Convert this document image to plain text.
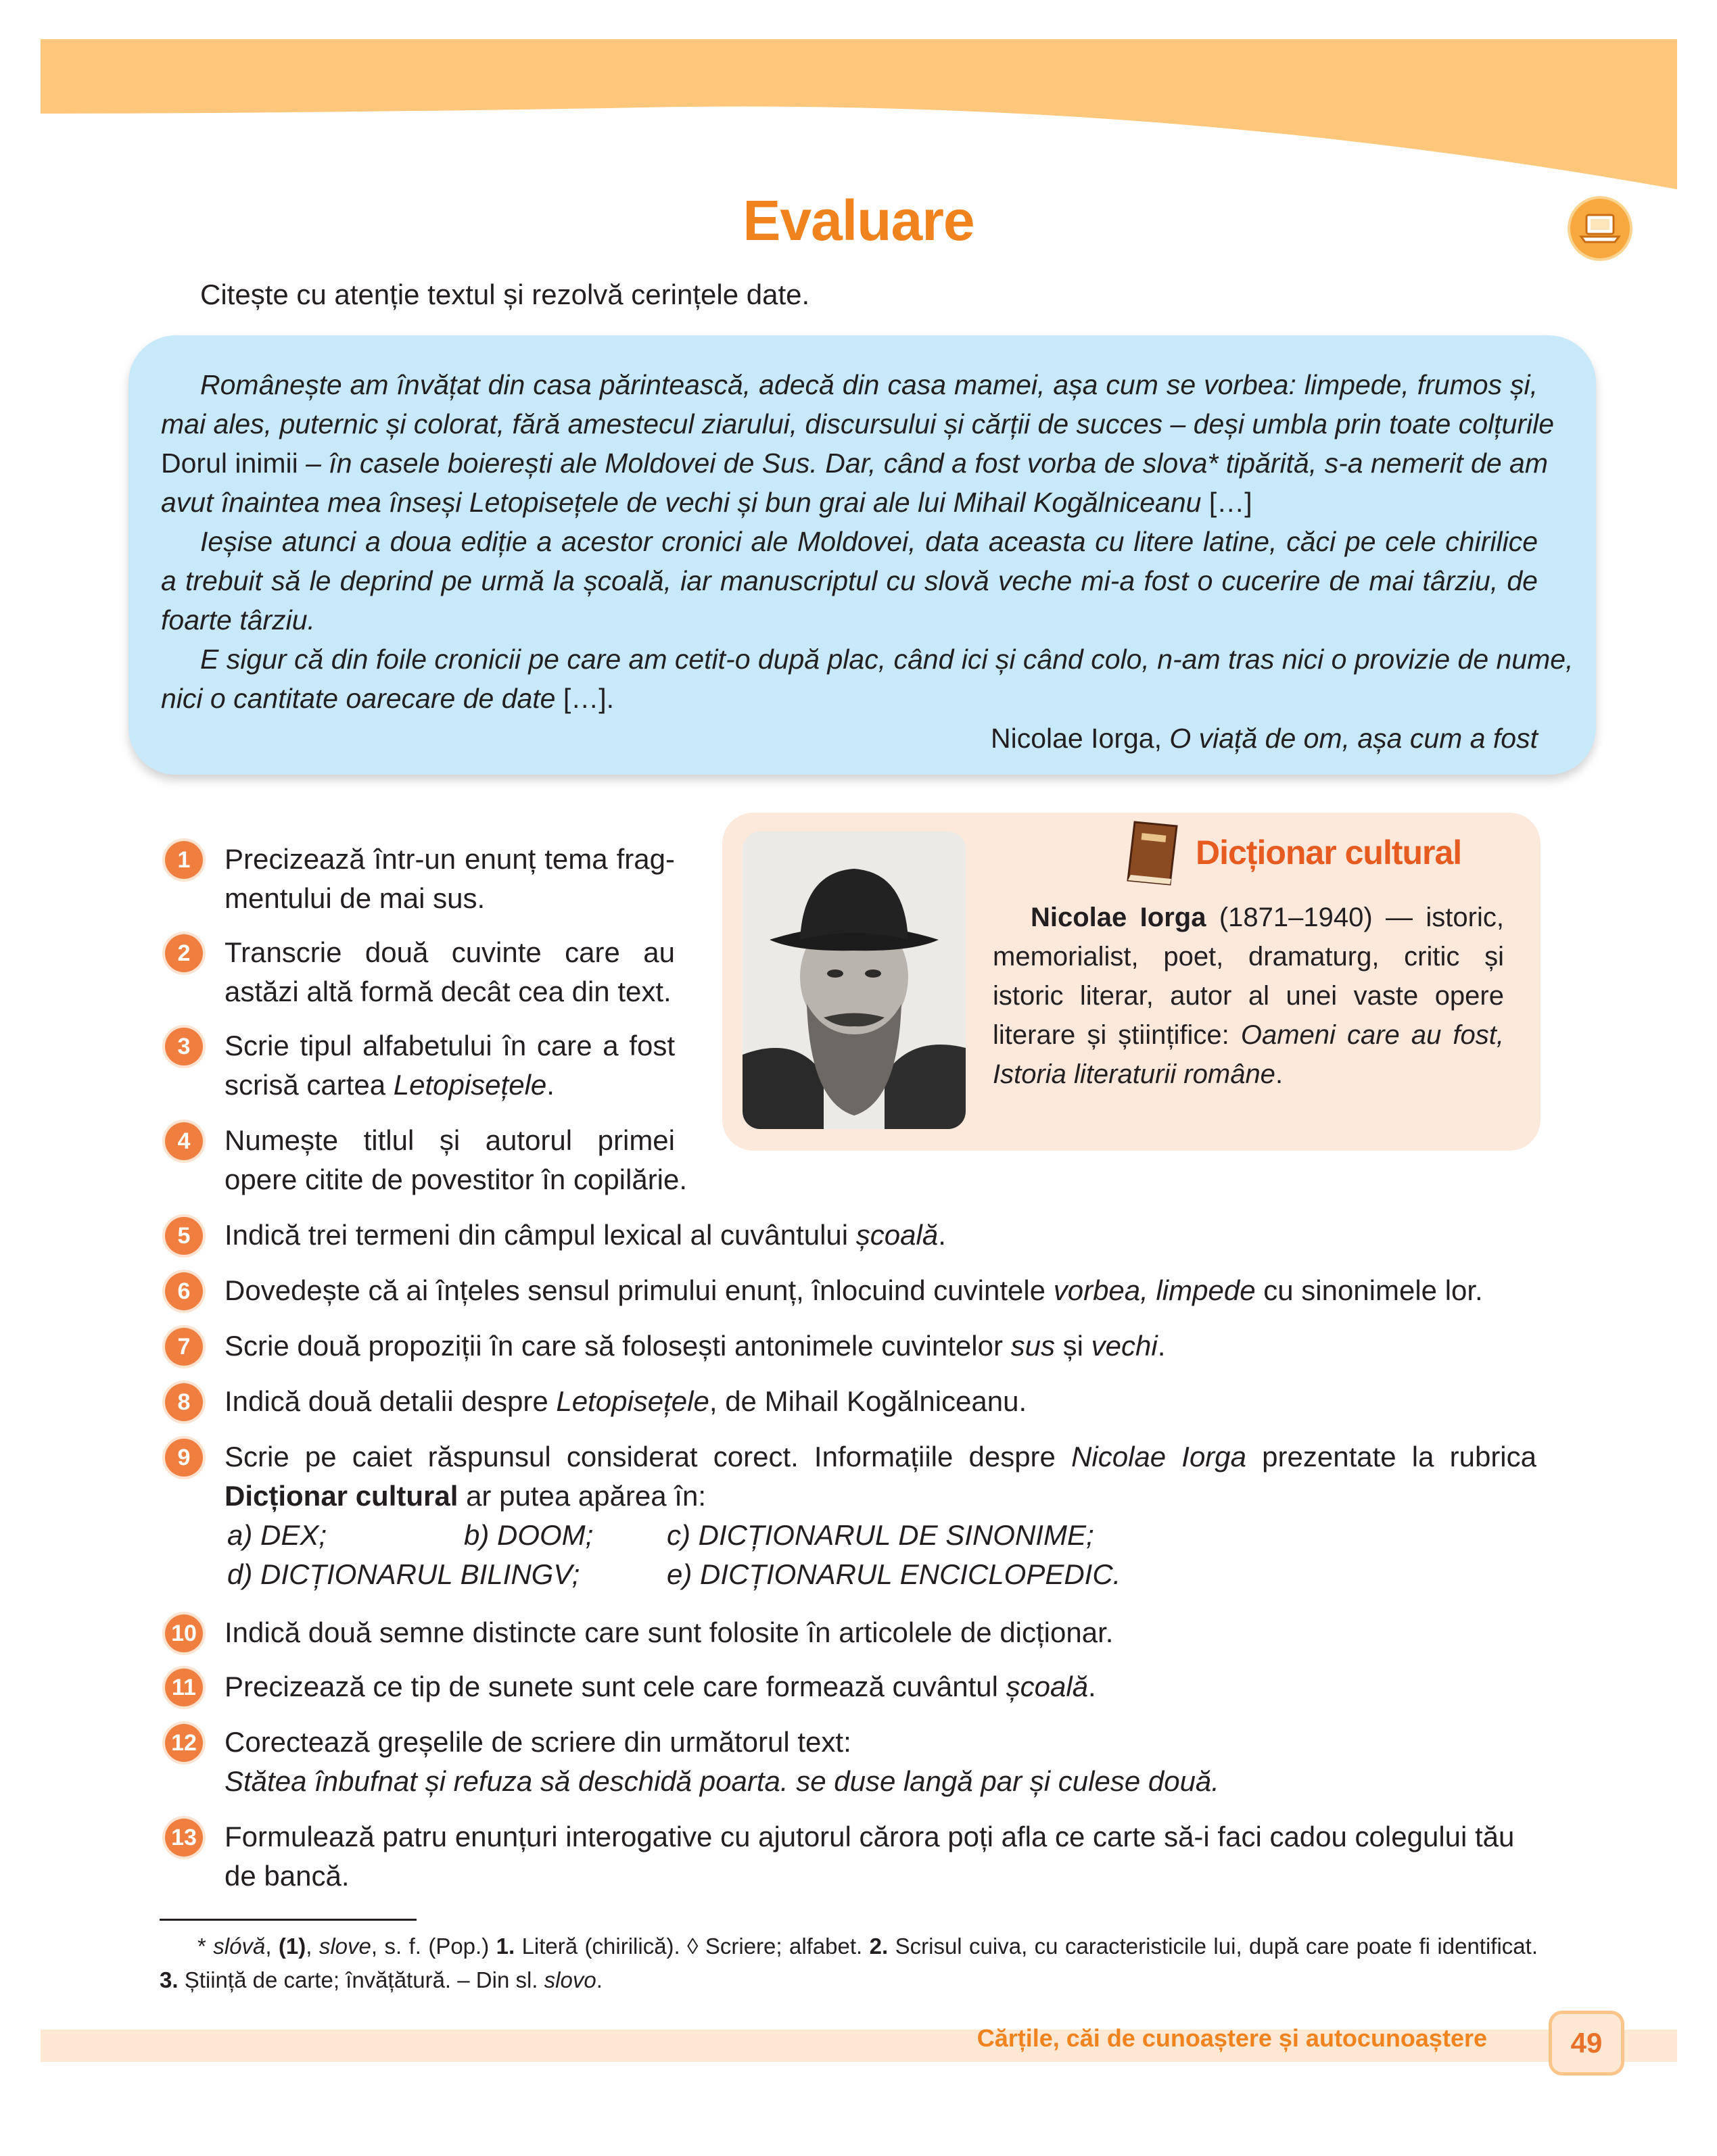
Evaluare
Citește cu atenție textul și rezolvă cerințele date.
Românește am învățat din casa părintească, adecă din casa mamei, așa cum se vorbea: limpede, frumos și,
mai ales, puternic și colorat, fără amestecul ziarului, discursului și cărții de succes – deși umbla prin toate colțurile
Dorul inimii – în casele boierești ale Moldovei de Sus. Dar, când a fost vorba de slova* tipărită, s-a nemerit de am
avut înaintea mea înseși Letopisețele de vechi și bun grai ale lui Mihail Kogălniceanu […]
Ieșise atunci a doua ediție a acestor cronici ale Moldovei, data aceasta cu litere latine, căci pe cele chirilice
a trebuit să le deprind pe urmă la școală, iar manuscriptul cu slovă veche mi-a fost o cucerire de mai târziu, de
foarte târziu.
E sigur că din foile cronicii pe care am cetit-o după plac, când ici și când colo, n-am tras nici o provizie de nume,
nici o cantitate oarecare de date […].
Nicolae Iorga, O viață de om, așa cum a fost
Dicționar cultural
Nicolae Iorga (1871–1940) — istoric,
memorialist, poet, dramaturg, critic și
istoric literar, autor al unei vaste opere
literare și științifice: Oameni care au fost,
Istoria literaturii române.
1	Precizează într-un enunț tema frag-
mentului de mai sus.
2	Transcrie două cuvinte care au
astăzi altă formă decât cea din text.
3	Scrie tipul alfabetului în care a fost
scrisă cartea Letopisețele.
4	Numește titlul și autorul primei
opere citite de povestitor în copilărie.
5	Indică trei termeni din câmpul lexical al cuvântului școală.
6	Dovedește că ai înțeles sensul primului enunț, înlocuind cuvintele vorbea, limpede cu sinonimele lor.
7	Scrie două propoziții în care să folosești antonimele cuvintelor sus și vechi.
8	Indică două detalii despre Letopisețele, de Mihail Kogălniceanu.
9	Scrie pe caiet răspunsul considerat corect. Informațiile despre Nicolae Iorga prezentate la rubrica
Dicționar cultural ar putea apărea în:
a) DEX;	b) DOOM;	c) DICȚIONARUL DE SINONIME;
d) DICȚIONARUL BILINGV;	e) DICȚIONARUL ENCICLOPEDIC.
10 Indică două semne distincte care sunt folosite în articolele de dicționar.
11 Precizează ce tip de sunete sunt cele care formează cuvântul școală.
12 Corectează greșelile de scriere din următorul text:
Stătea înbufnat și refuza să deschidă poarta. se duse langă par și culese două.
13 Formulează patru enunțuri interogative cu ajutorul cărora poți afla ce carte să-i faci cadou colegului tău
de bancă.
* slóvă, (1), slove, s. f. (Pop.) 1. Literă (chirilică). ◊ Scriere; alfabet. 2. Scrisul cuiva, cu caracteristicile lui, după care poate fi identificat.
3. Știință de carte; învățătură. – Din sl. slovo.
Cărțile, căi de cunoaștere și autocunoaștere	49
